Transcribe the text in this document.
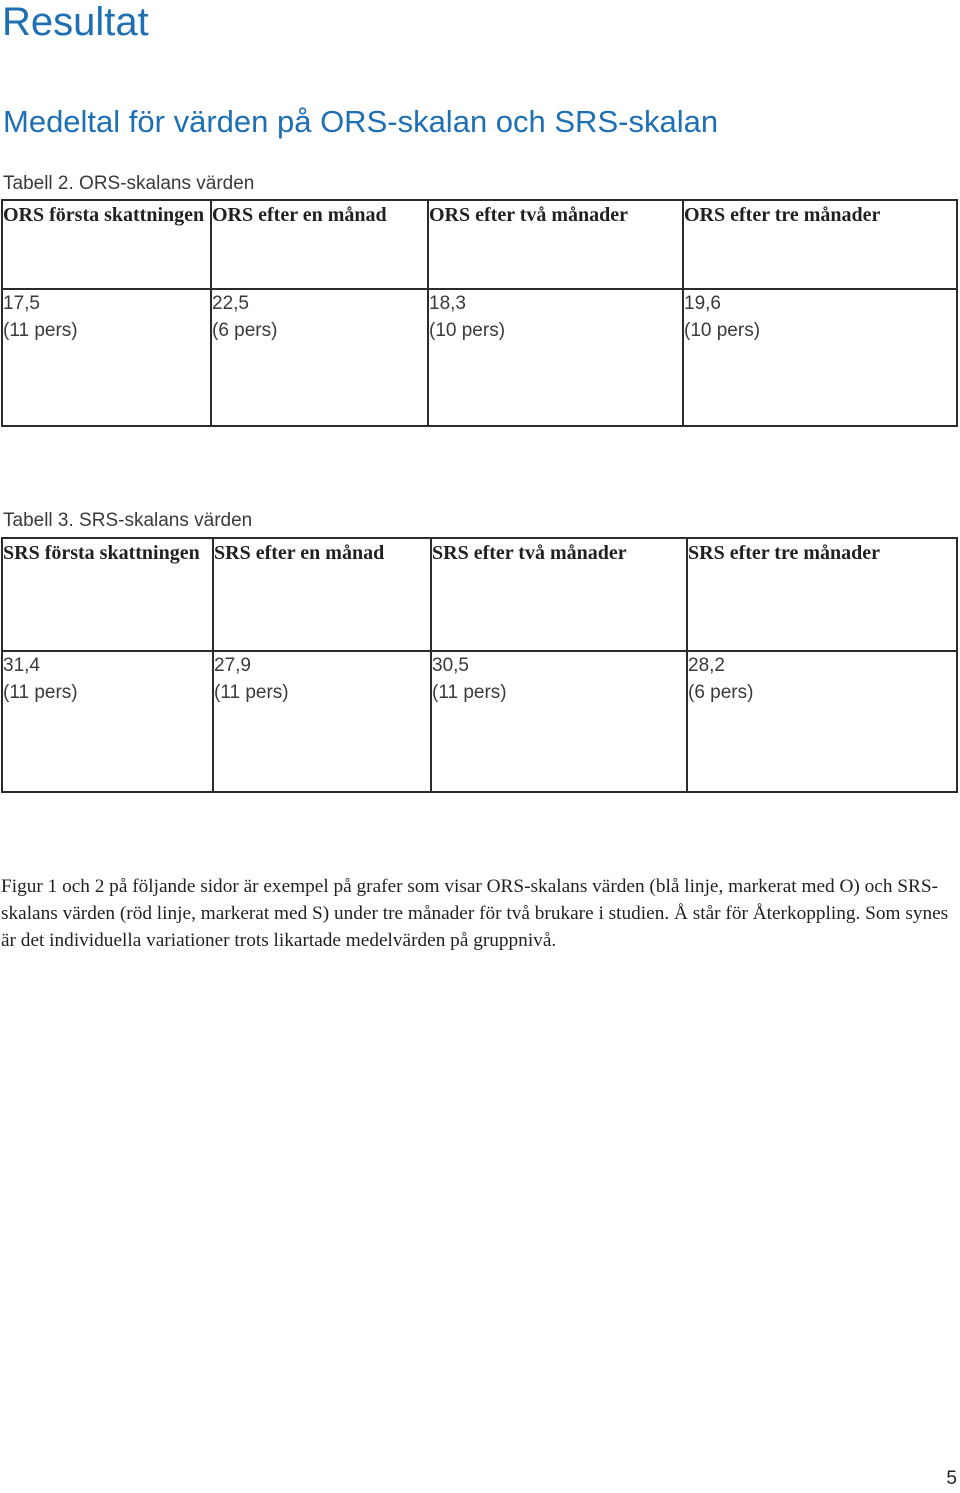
Resultat
Medeltal för värden på ORS-skalan och SRS-skalan
Tabell 2. ORS-skalans värden
ORS första skattningen	ORS efter en månad	ORS efter två månader	ORS efter tre månader

17,5
(11 pers)	22,5
(6 pers)	18,3
(10 pers)	19,6
(10 pers)
Tabell 3. SRS-skalans värden
SRS första skattningen	SRS efter en månad	SRS efter två månader	SRS efter tre månader

31,4
(11 pers)	27,9
(11 pers)	30,5
(11 pers)	28,2
(6 pers)

Figur 1 och 2 på följande sidor är exempel på grafer som visar ORS-skalans värden (blå linje, markerat med O) och SRS-skalans värden (röd linje, markerat med S) under tre månader för två brukare i studien. Å står för Återkoppling. Som synes är det individuella variationer trots likartade medelvärden på gruppnivå.

5
